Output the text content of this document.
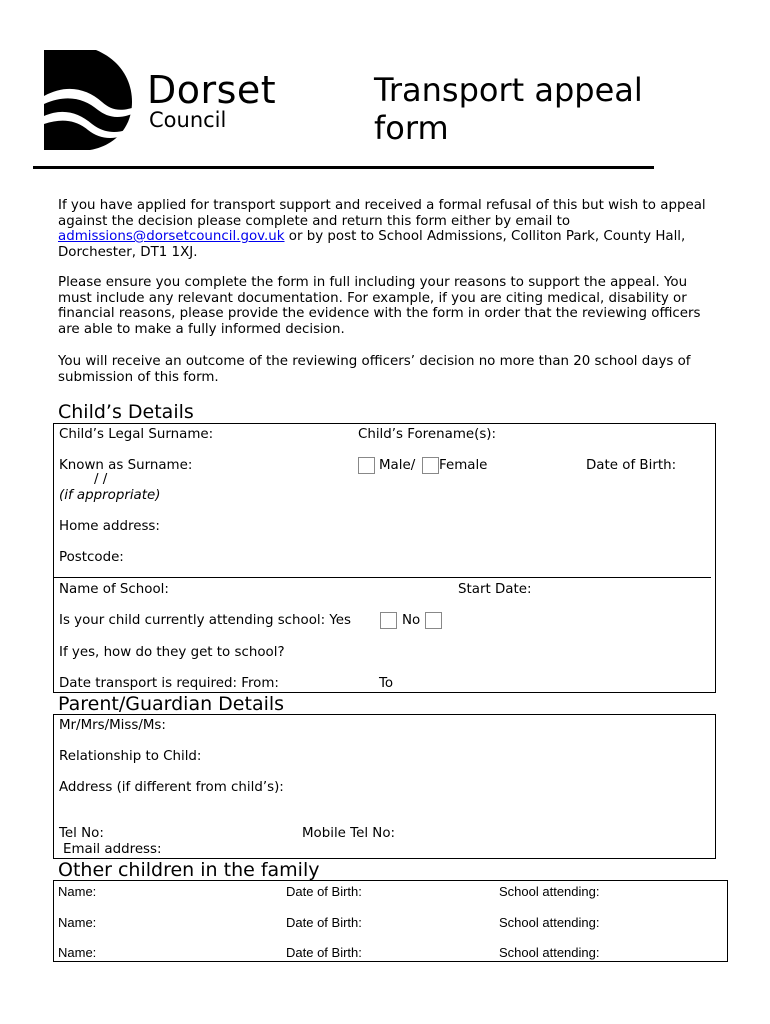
Dorset
Council
Transport appeal
form
If you have applied for transport support and received a formal refusal of this but wish to appeal against the decision please complete and return this form either by email to admissions@dorsetcouncil.gov.uk or by post to School Admissions, Colliton Park, County Hall, Dorchester, DT1 1XJ.
Please ensure you complete the form in full including your reasons to support the appeal. You must include any relevant documentation. For example, if you are citing medical, disability or financial reasons, please provide the evidence with the form in order that the reviewing officers are able to make a fully informed decision.
You will receive an outcome of the reviewing officers’ decision no more than 20 school days of submission of this form.
Child’s Details
Child’s Legal Surname:	Child’s Forename(s):
Known as Surname:	Male/ Female	Date of Birth:
/ /
(if appropriate)
Home address:
Postcode:
Name of School:	Start Date:
Is your child currently attending school: Yes	No
If yes, how do they get to school?
Date transport is required: From:	To
Parent/Guardian Details
Mr/Mrs/Miss/Ms:
Relationship to Child:
Address (if different from child’s):
Tel No:	Mobile Tel No:
Email address:
Other children in the family
Name:	Date of Birth:	School attending:
Name:	Date of Birth:	School attending:
Name:	Date of Birth:	School attending:
